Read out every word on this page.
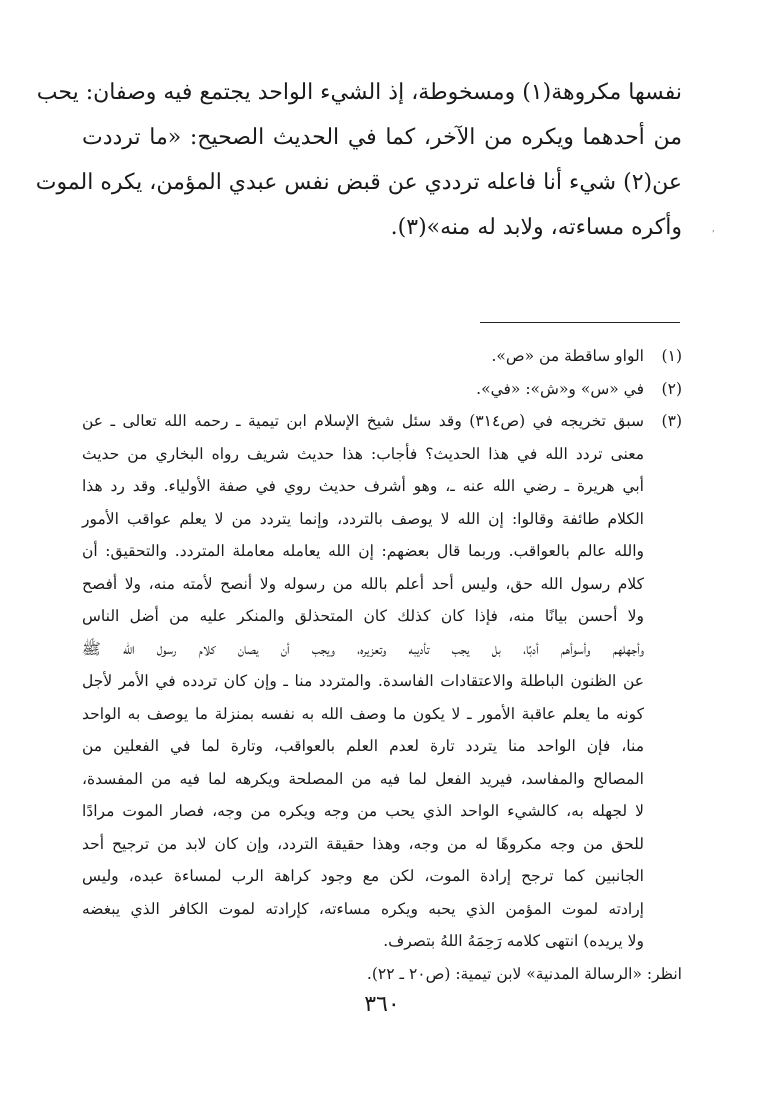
نفسها مكروهة(١) ومسخوطة، إذ الشيء الواحد يجتمع فيه وصفان: يحب
من أحدهما ويكره من الآخر، كما في الحديث الصحيح: «ما ترددت
عن(٢) شيء أنا فاعله ترددي عن قبض نفس عبدي المؤمن، يكره الموت
وأكره مساءته، ولابد له منه»(٣).	,
(١)
الواو ساقطة من «ص».
(٢)
في «س» و«ش»: «في».
(٣)
سبق تخريجه في (ص٣١٤) وقد سئل شيخ الإسلام ابن تيمية ـ رحمه الله تعالى ـ عن
معنى تردد الله في هذا الحديث؟ فأجاب: هذا حديث شريف رواه البخاري من حديث
أبي هريرة ـ رضي الله عنه ـ، وهو أشرف حديث روي في صفة الأولياء. وقد رد هذا
الكلام طائفة وقالوا: إن الله لا يوصف بالتردد، وإنما يتردد من لا يعلم عواقب الأمور
والله عالم بالعواقب. وربما قال بعضهم: إن الله يعامله معاملة المتردد. والتحقيق: أن
كلام رسول الله حق، وليس أحد أعلم بالله من رسوله ولا أنصح لأمته منه، ولا أفصح
ولا أحسن بيانًا منه، فإذا كان كذلك كان المتحذلق والمنكر عليه من أضل الناس
وأجهلهم وأسوأهم أدبًا، بل يجب تأديبه وتعزيره، ويجب أن يصان كلام رسول الله ﷺ
عن الظنون الباطلة والاعتقادات الفاسدة. والمتردد منا ـ وإن كان تردده في الأمر لأجل
كونه ما يعلم عاقبة الأمور ـ لا يكون ما وصف الله به نفسه بمنزلة ما يوصف به الواحد
منا، فإن الواحد منا يتردد تارة لعدم العلم بالعواقب، وتارة لما في الفعلين من
المصالح والمفاسد، فيريد الفعل لما فيه من المصلحة ويكرهه لما فيه من المفسدة،
لا لجهله به، كالشيء الواحد الذي يحب من وجه ويكره من وجه، فصار الموت مرادًا
للحق من وجه مكروهًا له من وجه، وهذا حقيقة التردد، وإن كان لابد من ترجيح أحد
الجانبين كما ترجح إرادة الموت، لكن مع وجود كراهة الرب لمساءة عبده، وليس
إرادته لموت المؤمن الذي يحبه ويكره مساءته، كإرادته لموت الكافر الذي يبغضه
ولا يريده) انتهى كلامه رَحِمَهُ اللهُ بتصرف.
انظر: «الرسالة المدنية» لابن تيمية: (ص٢٠ ـ ٢٢).
٣٦٠
